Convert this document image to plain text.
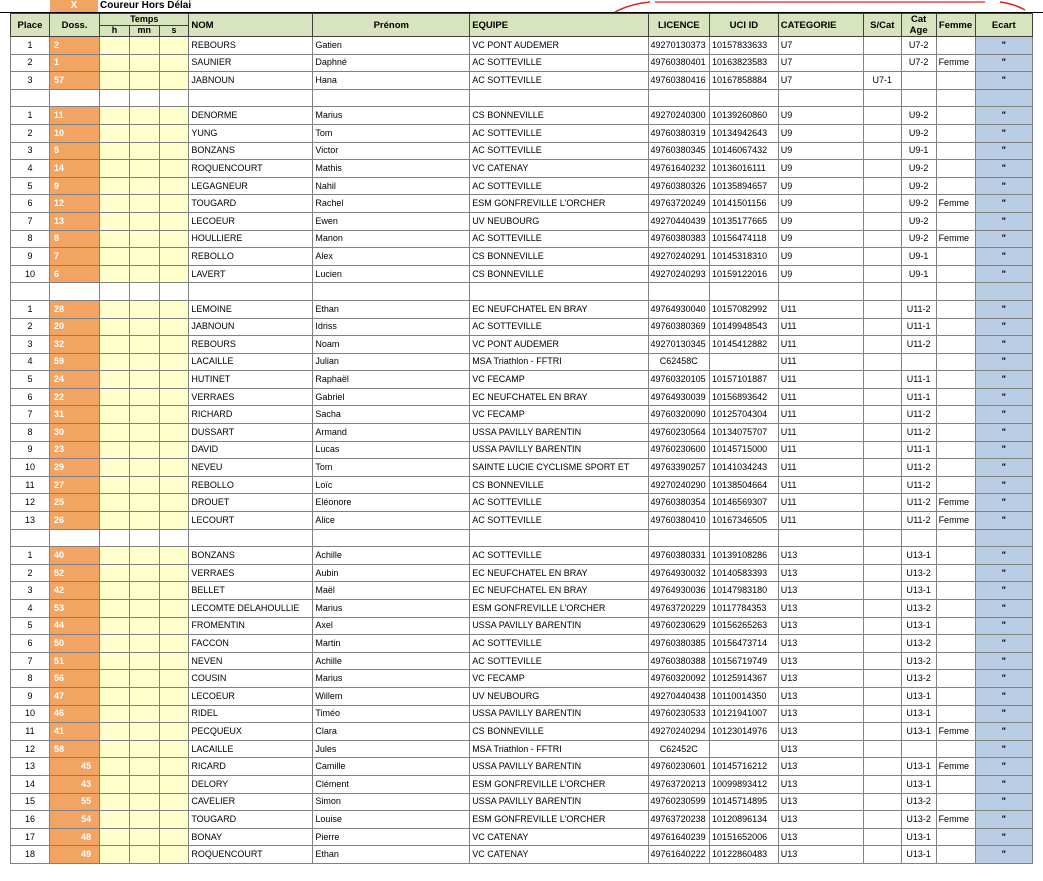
X	Coureur Hors Délai
Place	Doss.	Temps			NOM	Prénom	EQUIPE	LICENCE	UCI ID	CATEGORIE	S/Cat	Cat Age	Femme	Ecart
		h	mn	s										
1	2				REBOURS	Gatien	VC PONT AUDEMER	49270130373	10157833633	U7		U7-2		"
2	1				SAUNIER	Daphné	AC SOTTEVILLE	49760380401	10163823583	U7		U7-2	Femme	"
3	57				JABNOUN	Hana	AC SOTTEVILLE	49760380416	10167858884	U7	U7-1			"

1	11				DENORME	Marius	CS BONNEVILLE	49270240300	10139260860	U9		U9-2		"
2	10				YUNG	Tom	AC SOTTEVILLE	49760380319	10134942643	U9		U9-2		"
3	5				BONZANS	Victor	AC SOTTEVILLE	49760380345	10146067432	U9		U9-1		"
4	14				ROQUENCOURT	Mathis	VC CATENAY	49761640232	10136016111	U9		U9-2		"
5	9				LEGAGNEUR	Nahil	AC SOTTEVILLE	49760380326	10135894657	U9		U9-2		"
6	12				TOUGARD	Rachel	ESM GONFREVILLE L'ORCHER	49763720249	10141501156	U9		U9-2	Femme	"
7	13				LECOEUR	Ewen	UV NEUBOURG	49270440439	10135177665	U9		U9-2		"
8	8				HOULLIERE	Manon	AC SOTTEVILLE	49760380383	10156474118	U9		U9-2	Femme	"
9	7				REBOLLO	Alex	CS BONNEVILLE	49270240291	10145318310	U9		U9-1		"
10	6				LAVERT	Lucien	CS BONNEVILLE	49270240293	10159122016	U9		U9-1		"

1	28				LEMOINE	Ethan	EC NEUFCHATEL EN BRAY	49764930040	10157082992	U11		U11-2		"
2	20				JABNOUN	Idriss	AC SOTTEVILLE	49760380369	10149948543	U11		U11-1		"
3	32				REBOURS	Noam	VC PONT AUDEMER	49270130345	10145412882	U11		U11-2		"
4	59				LACAILLE	Julian	MSA Triathlon - FFTRI	C62458C		U11				"
5	24				HUTINET	Raphaël	VC FECAMP	49760320105	10157101887	U11		U11-1		"
6	22				VERRAES	Gabriel	EC NEUFCHATEL EN BRAY	49764930039	10156893642	U11		U11-1		"
7	31				RICHARD	Sacha	VC FECAMP	49760320090	10125704304	U11		U11-2		"
8	30				DUSSART	Armand	USSA PAVILLY BARENTIN	49760230564	10134075707	U11		U11-2		"
9	23				DAVID	Lucas	USSA PAVILLY BARENTIN	49760230600	10145715000	U11		U11-1		"
10	29				NEVEU	Tom	SAINTE LUCIE CYCLISME SPORT ET	49763390257	10141034243	U11		U11-2		"
11	27				REBOLLO	Loïc	CS BONNEVILLE	49270240290	10138504664	U11		U11-2		"
12	25				DROUET	Eléonore	AC SOTTEVILLE	49760380354	10146569307	U11		U11-2	Femme	"
13	26				LECOURT	Alice	AC SOTTEVILLE	49760380410	10167346505	U11		U11-2	Femme	"

1	40				BONZANS	Achille	AC SOTTEVILLE	49760380331	10139108286	U13		U13-1		"
2	52				VERRAES	Aubin	EC NEUFCHATEL EN BRAY	49764930032	10140583393	U13		U13-2		"
3	42				BELLET	Maël	EC NEUFCHATEL EN BRAY	49764930036	10147983180	U13		U13-1		"
4	53				LECOMTE DELAHOULLIE	Marius	ESM GONFREVILLE L'ORCHER	49763720229	10117784353	U13		U13-2		"
5	44				FROMENTIN	Axel	USSA PAVILLY BARENTIN	49760230629	10156265263	U13		U13-1		"
6	50				FACCON	Martin	AC SOTTEVILLE	49760380385	10156473714	U13		U13-2		"
7	51				NEVEN	Achille	AC SOTTEVILLE	49760380388	10156719749	U13		U13-2		"
8	56				COUSIN	Marius	VC FECAMP	49760320092	10125914367	U13		U13-2		"
9	47				LECOEUR	Willem	UV NEUBOURG	49270440438	10110014350	U13		U13-1		"
10	46				RIDEL	Timéo	USSA PAVILLY BARENTIN	49760230533	10121941007	U13		U13-1		"
11	41				PECQUEUX	Clara	CS BONNEVILLE	49270240294	10123014976	U13		U13-1	Femme	"
12	58				LACAILLE	Jules	MSA Triathlon - FFTRI	C62452C		U13				"
13	45				RICARD	Camille	USSA PAVILLY BARENTIN	49760230601	10145716212	U13		U13-1	Femme	"
14	43				DELORY	Clément	ESM GONFREVILLE L'ORCHER	49763720213	10099893412	U13		U13-1		"
15	55				CAVELIER	Simon	USSA PAVILLY BARENTIN	49760230599	10145714895	U13		U13-2		"
16	54				TOUGARD	Louise	ESM GONFREVILLE L'ORCHER	49763720238	10120896134	U13		U13-2	Femme	"
17	48				BONAY	Pierre	VC CATENAY	49761640239	10151652006	U13		U13-1		"
18	49				ROQUENCOURT	Ethan	VC CATENAY	49761640222	10122860483	U13		U13-1		"
